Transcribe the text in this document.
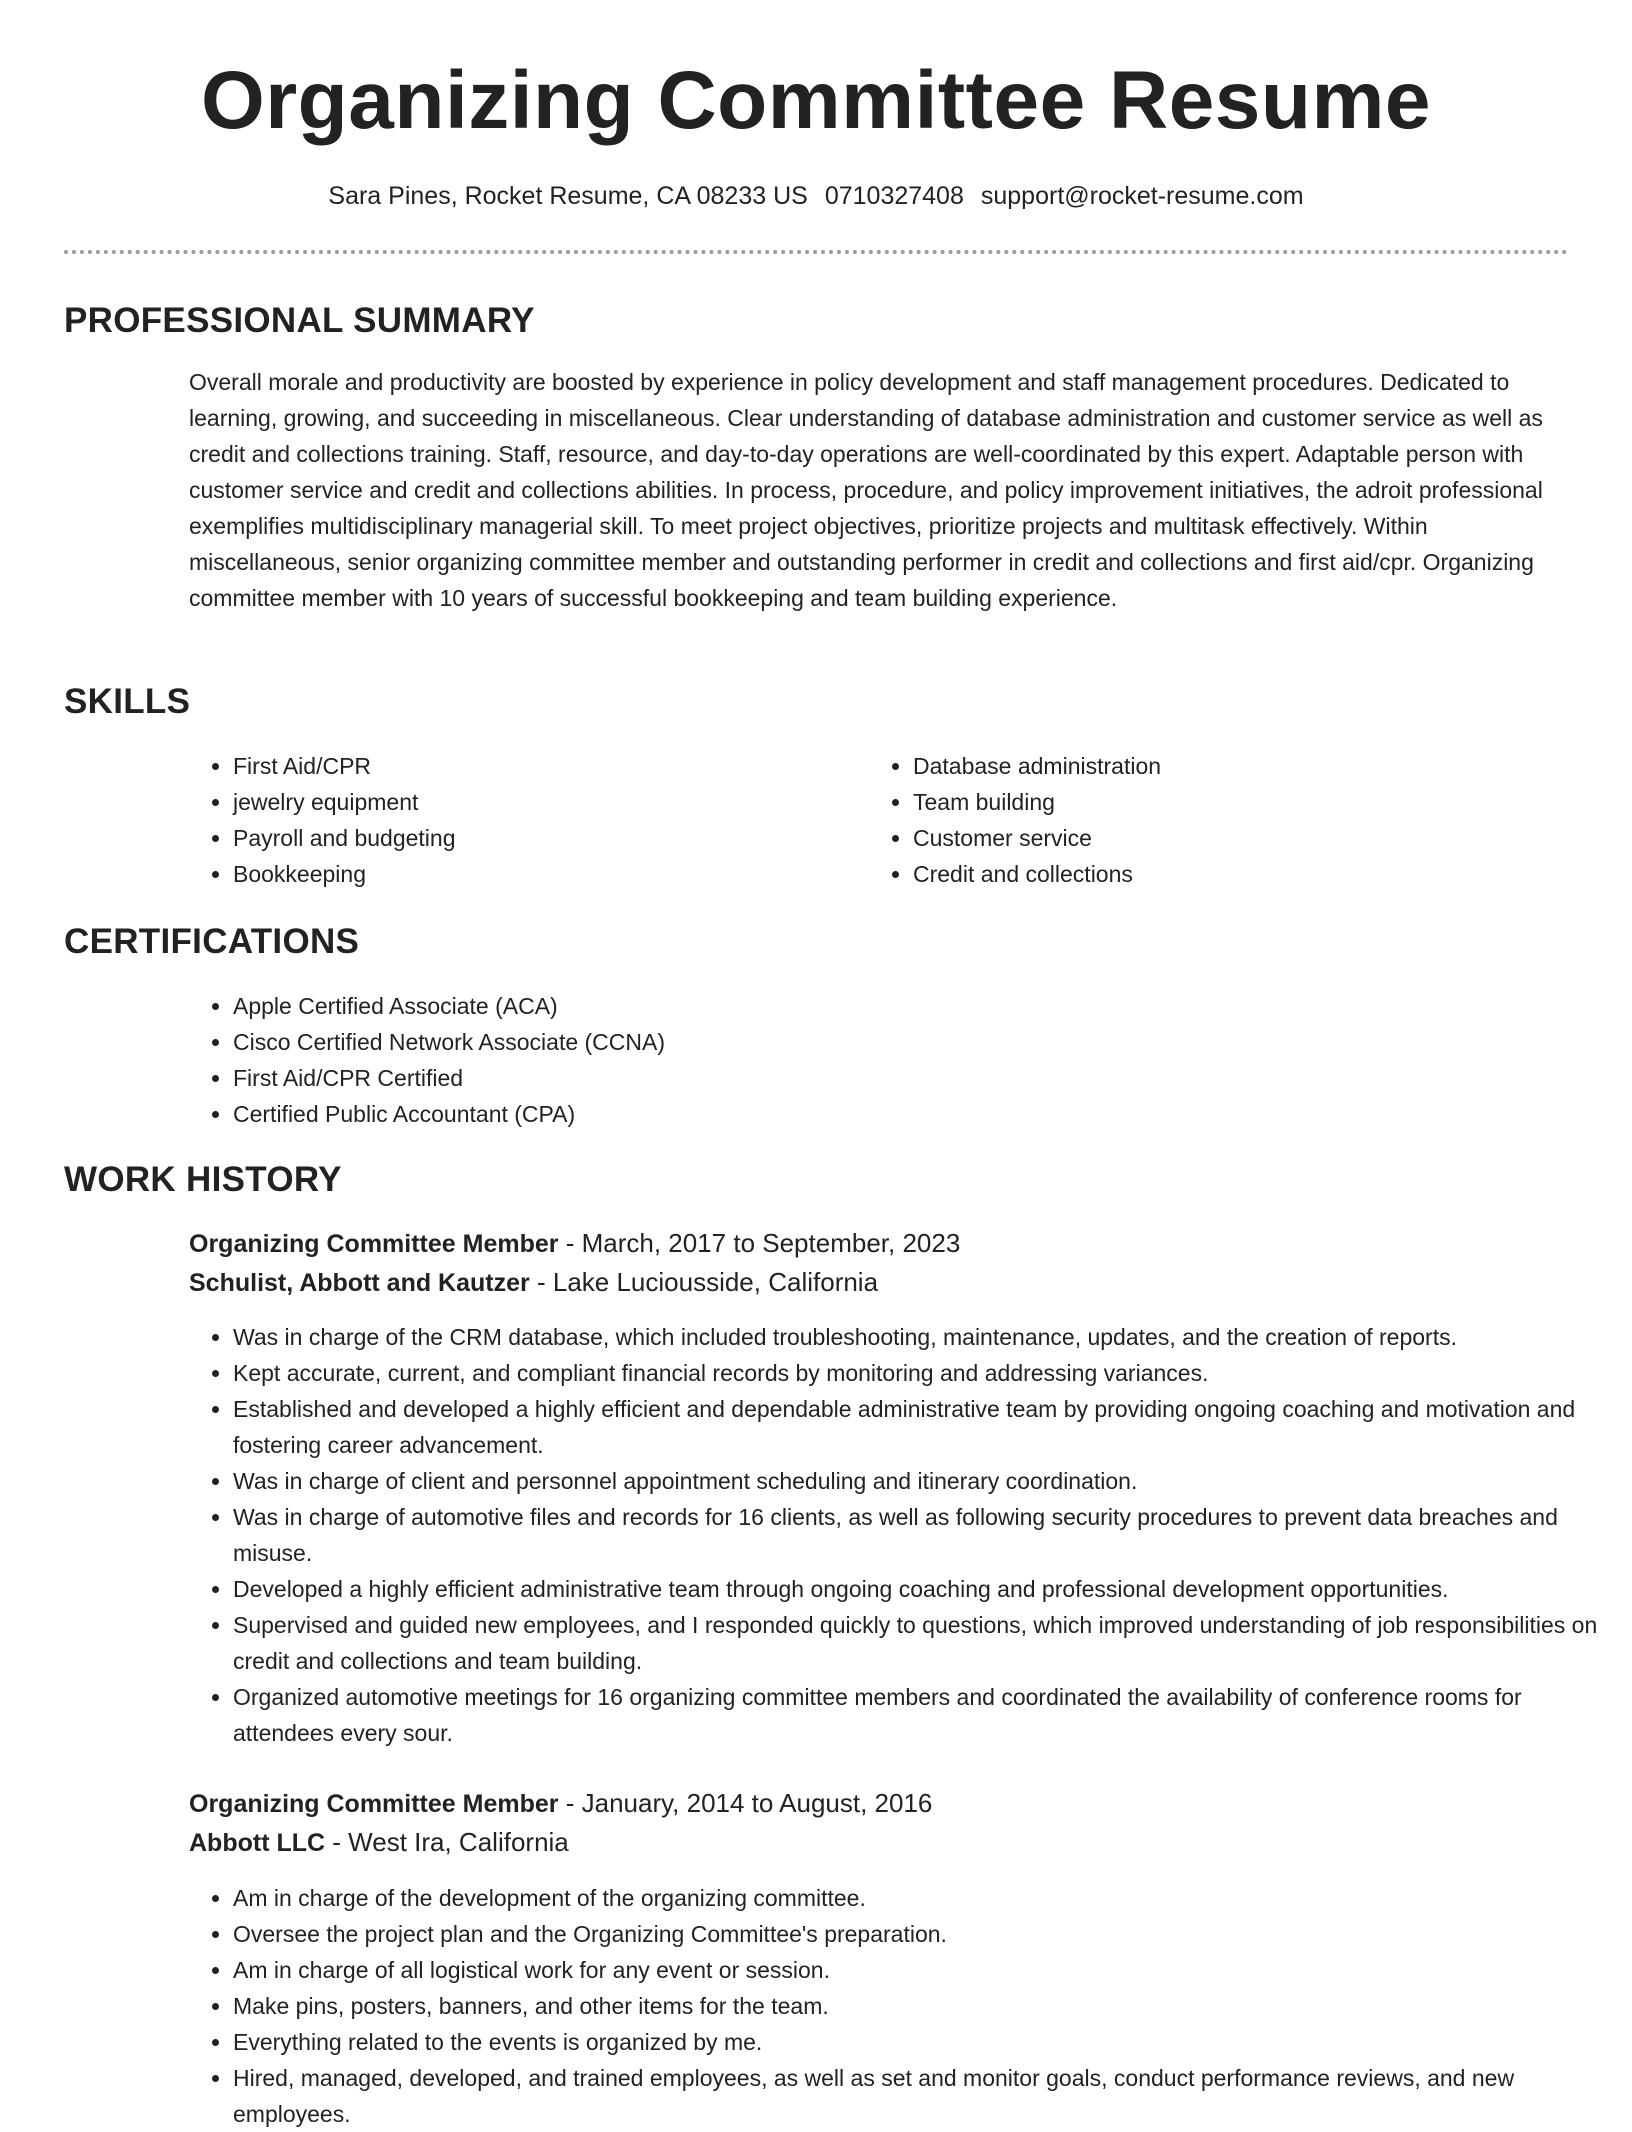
Organizing Committee Resume
Sara Pines, Rocket Resume, CA 08233 US 0710327408 support@rocket-resume.com
PROFESSIONAL SUMMARY

Overall morale and productivity are boosted by experience in policy development and staff management procedures. Dedicated to learning, growing, and succeeding in miscellaneous. Clear understanding of database administration and customer service as well as credit and collections training. Staff, resource, and day-to-day operations are well-coordinated by this expert. Adaptable person with customer service and credit and collections abilities. In process, procedure, and policy improvement initiatives, the adroit professional exemplifies multidisciplinary managerial skill. To meet project objectives, prioritize projects and multitask effectively. Within miscellaneous, senior organizing committee member and outstanding performer in credit and collections and first aid/cpr. Organizing committee member with 10 years of successful bookkeeping and team building experience.

SKILLS
• First Aid/CPR
• jewelry equipment
• Payroll and budgeting
• Bookkeeping
• Database administration
• Team building
• Customer service
• Credit and collections
CERTIFICATIONS
• Apple Certified Associate (ACA)
• Cisco Certified Network Associate (CCNA)
• First Aid/CPR Certified
• Certified Public Accountant (CPA)
WORK HISTORY
Organizing Committee Member - March, 2017 to September, 2023
Schulist, Abbott and Kautzer - Lake Luciousside, California
• Was in charge of the CRM database, which included troubleshooting, maintenance, updates, and the creation of reports.
• Kept accurate, current, and compliant financial records by monitoring and addressing variances.
• Established and developed a highly efficient and dependable administrative team by providing ongoing coaching and motivation and fostering career advancement.
• Was in charge of client and personnel appointment scheduling and itinerary coordination.
• Was in charge of automotive files and records for 16 clients, as well as following security procedures to prevent data breaches and misuse.
• Developed a highly efficient administrative team through ongoing coaching and professional development opportunities.
• Supervised and guided new employees, and I responded quickly to questions, which improved understanding of job responsibilities on credit and collections and team building.
• Organized automotive meetings for 16 organizing committee members and coordinated the availability of conference rooms for attendees every sour.
Organizing Committee Member - January, 2014 to August, 2016
Abbott LLC - West Ira, California
• Am in charge of the development of the organizing committee.
• Oversee the project plan and the Organizing Committee's preparation.
• Am in charge of all logistical work for any event or session.
• Make pins, posters, banners, and other items for the team.
• Everything related to the events is organized by me.
• Hired, managed, developed, and trained employees, as well as set and monitor goals, conduct performance reviews, and new employees.
